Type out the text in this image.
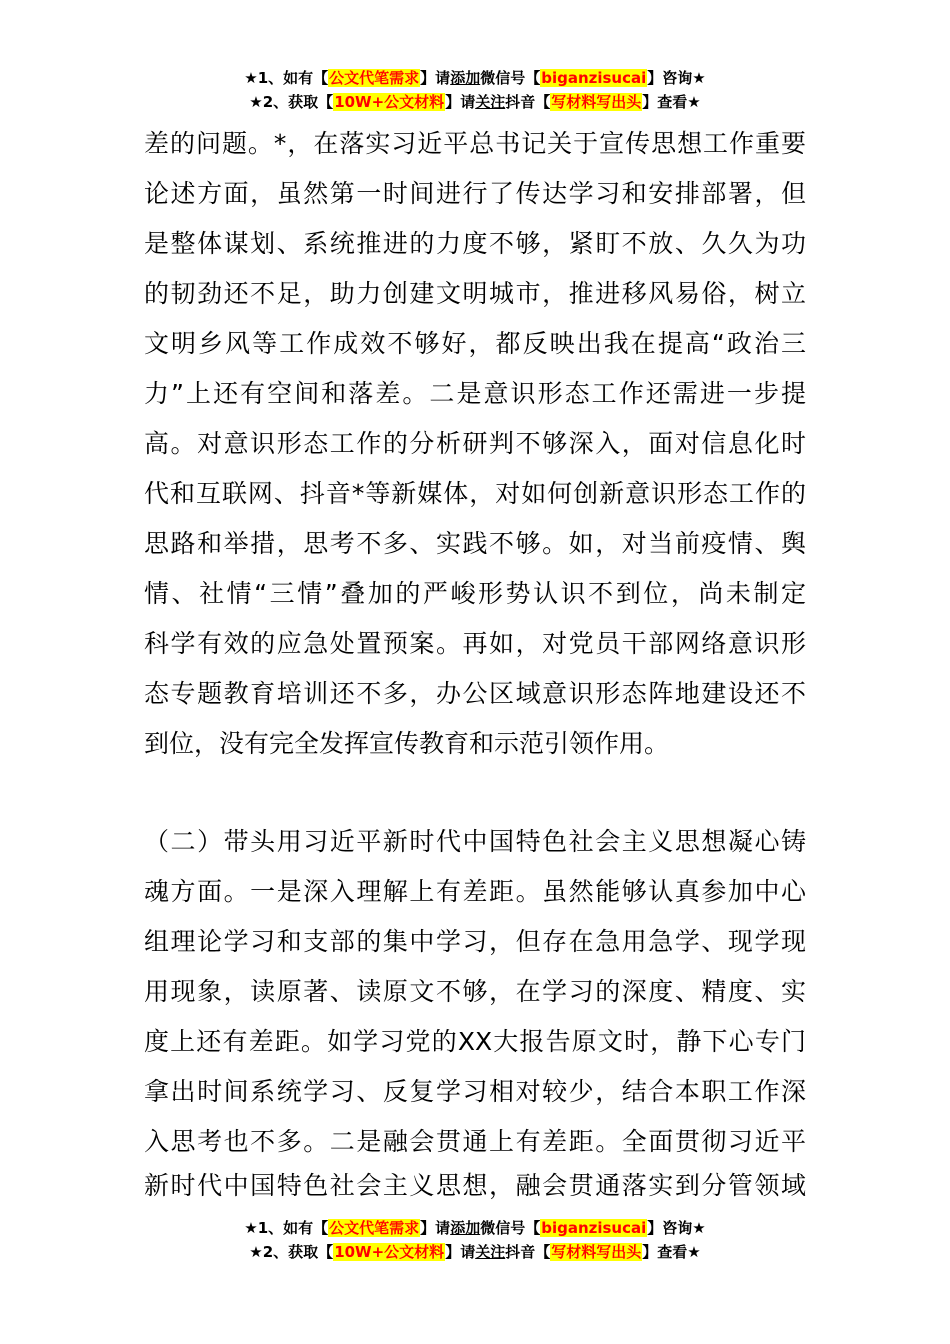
★1、如有【公文代笔需求】请添加微信号【biganzisucai】咨询★
★2、获取【10W+公文材料】请关注抖音【写材料写出头】查看★
差的问题。*，在落实习近平总书记关于宣传思想工作重要
论述方面，虽然第一时间进行了传达学习和安排部署，但
是整体谋划、系统推进的力度不够，紧盯不放、久久为功
的韧劲还不足，助力创建文明城市，推进移风易俗，树立
文明乡风等工作成效不够好，都反映出我在提高“政治三
力”上还有空间和落差。二是意识形态工作还需进一步提
高。对意识形态工作的分析研判不够深入，面对信息化时
代和互联网、抖音*等新媒体，对如何创新意识形态工作的
思路和举措，思考不多、实践不够。如，对当前疫情、舆
情、社情“三情”叠加的严峻形势认识不到位，尚未制定
科学有效的应急处置预案。再如，对党员干部网络意识形
态专题教育培训还不多，办公区域意识形态阵地建设还不
到位，没有完全发挥宣传教育和示范引领作用。
（二）带头用习近平新时代中国特色社会主义思想凝心铸
魂方面。一是深入理解上有差距。虽然能够认真参加中心
组理论学习和支部的集中学习，但存在急用急学、现学现
用现象，读原著、读原文不够，在学习的深度、精度、实
度上还有差距。如学习党的XX大报告原文时，静下心专门
拿出时间系统学习、反复学习相对较少，结合本职工作深
入思考也不多。二是融会贯通上有差距。全面贯彻习近平
新时代中国特色社会主义思想，融会贯通落实到分管领域
★1、如有【公文代笔需求】请添加微信号【biganzisucai】咨询★
★2、获取【10W+公文材料】请关注抖音【写材料写出头】查看★
